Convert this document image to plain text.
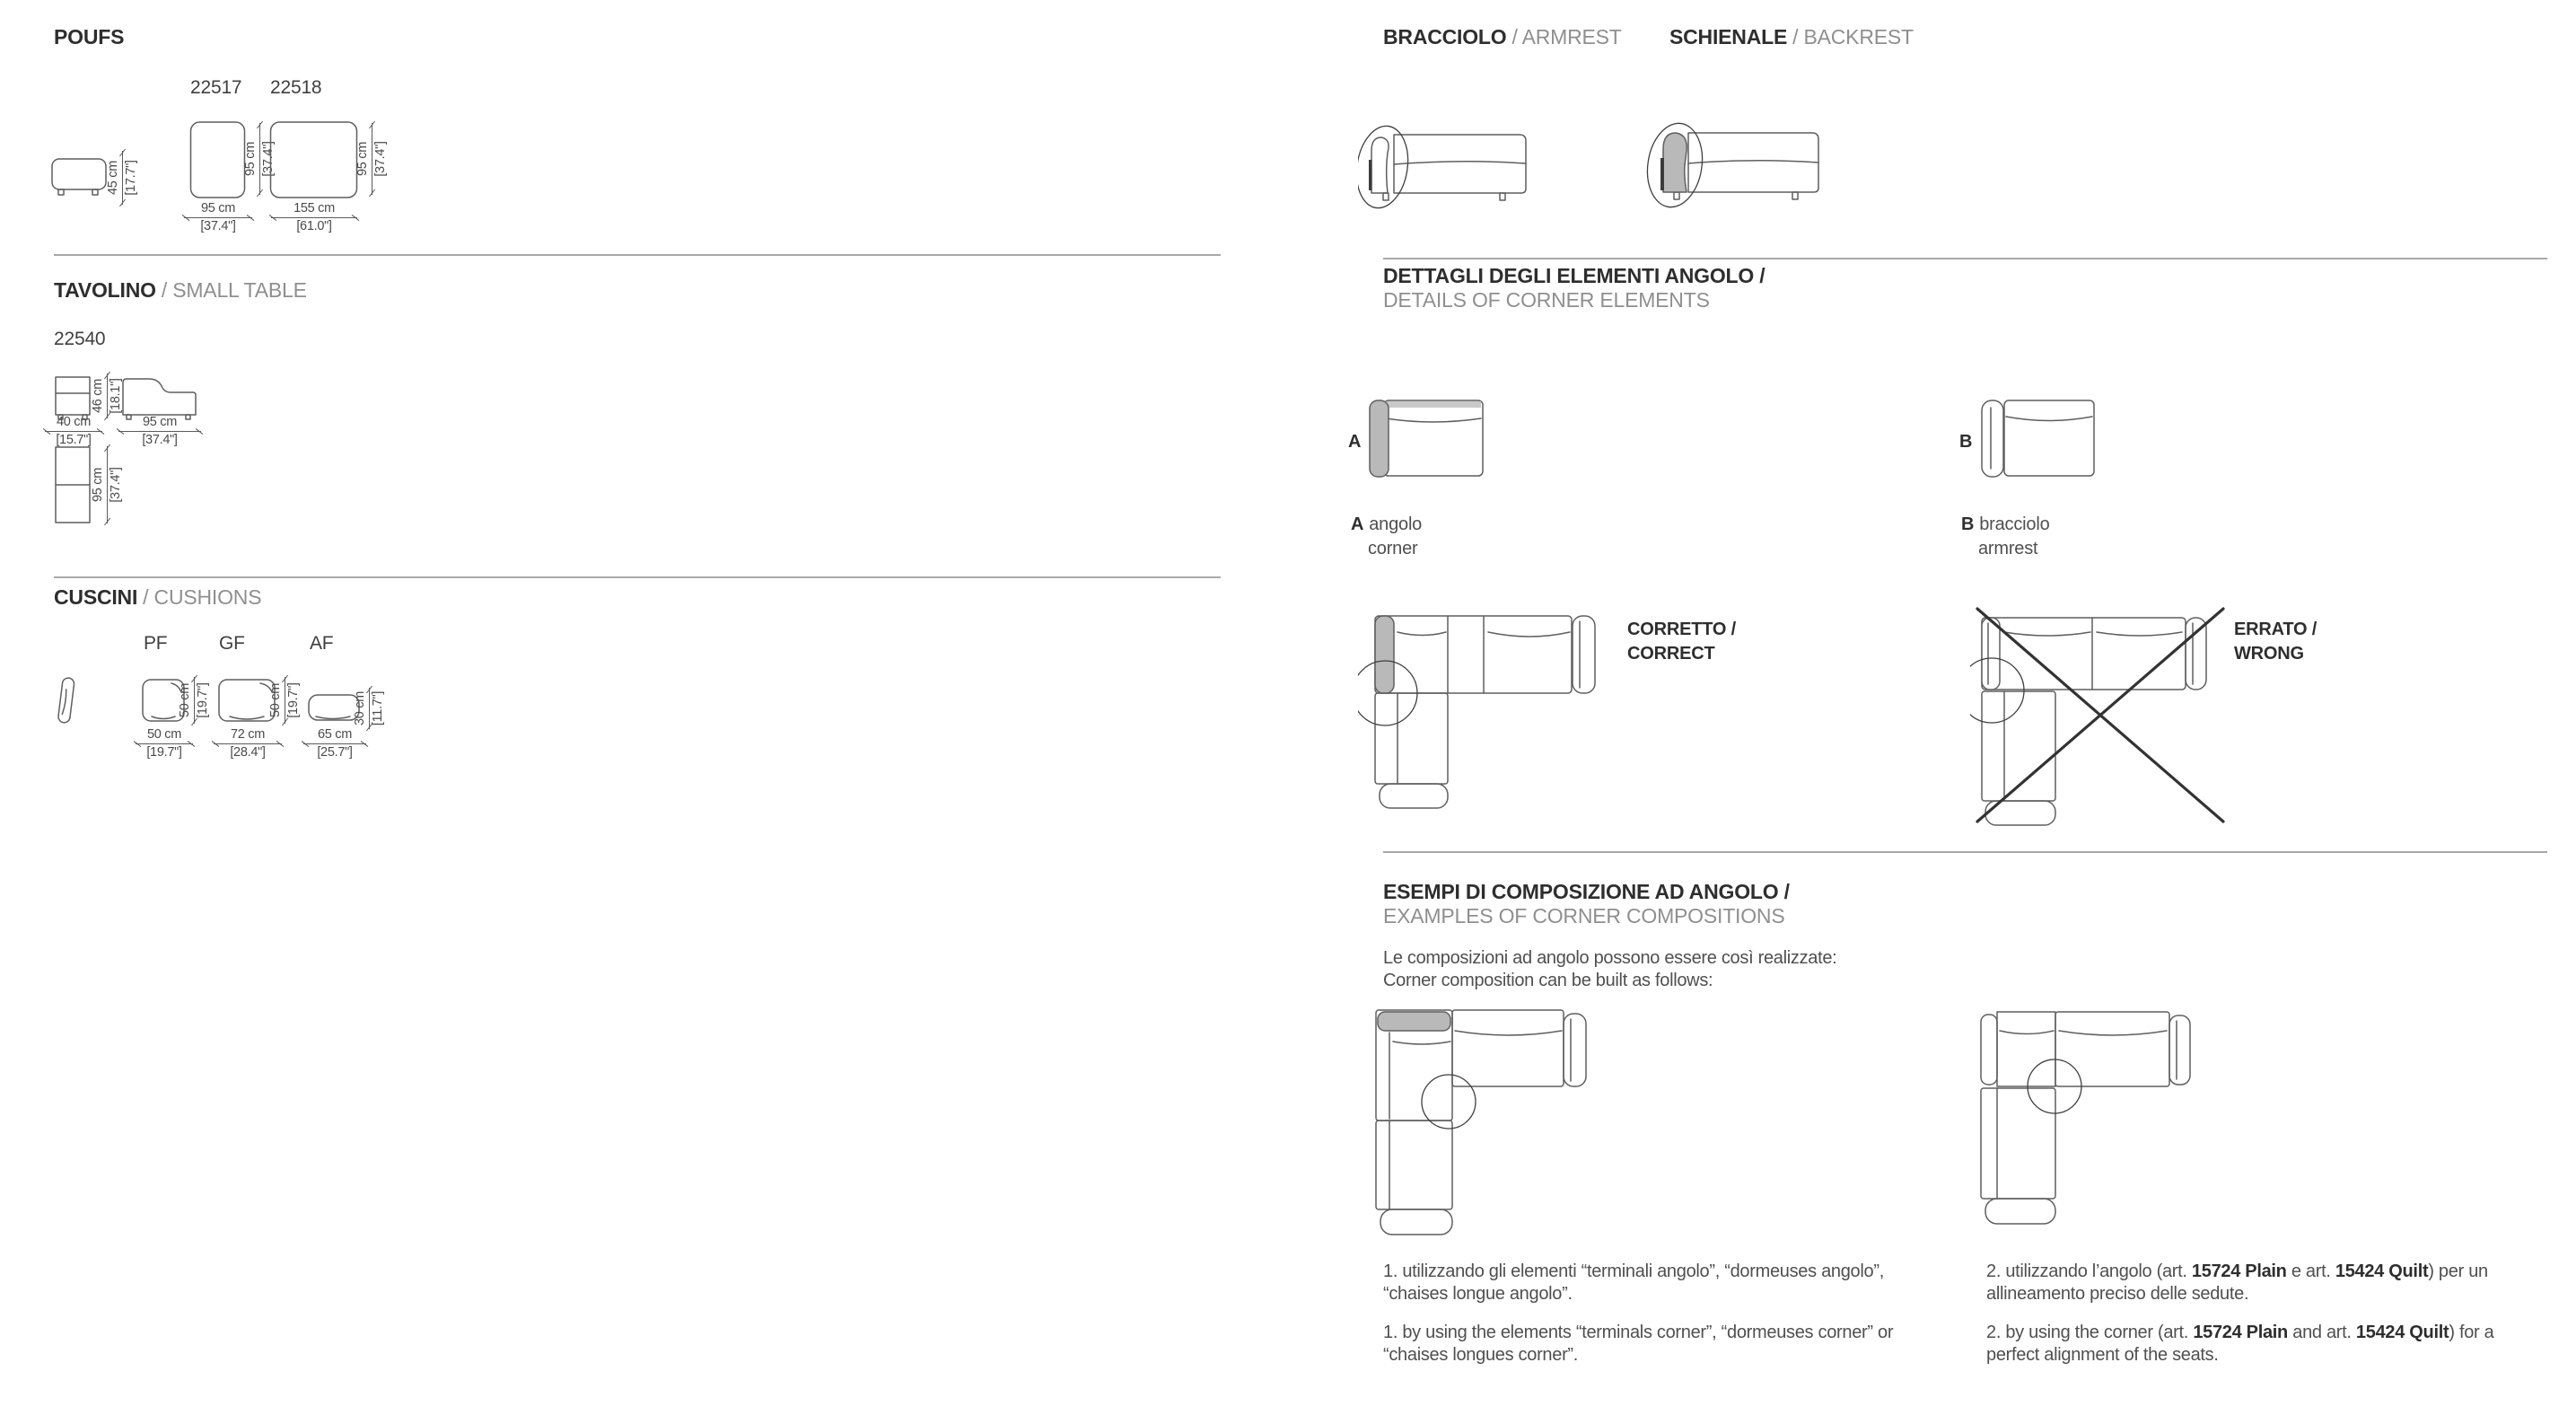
POUFS
22517 22518
45 cm [17.7"]
95 cm
[37.4"]
95 cm [37.4"]
155 cm
[61.0"]
95 cm [37.4"]
TAVOLINO / SMALL TABLE
22540
46 cm [18.1"]
40 cm
[15.7"]
95 cm
[37.4"]
95 cm [37.4"]
CUSCINI / CUSHIONS
PF
50 cm
[19.7"]
50 cm [19.7"]
GF
72 cm
[28.4"]
50 cm [19.7"]
AF
65 cm
[25.7"]
30 cm [11.7"]
BRACCIOLO / ARMREST SCHIENALE / BACKREST
DETTAGLI DEGLI ELEMENTI ANGOLO /
DETAILS OF CORNER ELEMENTS
A
A angolo
corner
B
B bracciolo
armrest
CORRETTO /
CORRECT
ERRATO /
WRONG
ESEMPI DI COMPOSIZIONE AD ANGOLO /
EXAMPLES OF CORNER COMPOSITIONS
Le composizioni ad angolo possono essere così realizzate:
Corner composition can be built as follows:
1. utilizzando gli elementi “terminali angolo”, “dormeuses angolo”,
“chaises longue angolo”.
1. by using the elements “terminals corner”, “dormeuses corner” or
“chaises longues corner”.
2. utilizzando l’angolo (art. 15724 Plain e art. 15424 Quilt) per un
allineamento preciso delle sedute.
2. by using the corner (art. 15724 Plain and art. 15424 Quilt) for a
perfect alignment of the seats.
